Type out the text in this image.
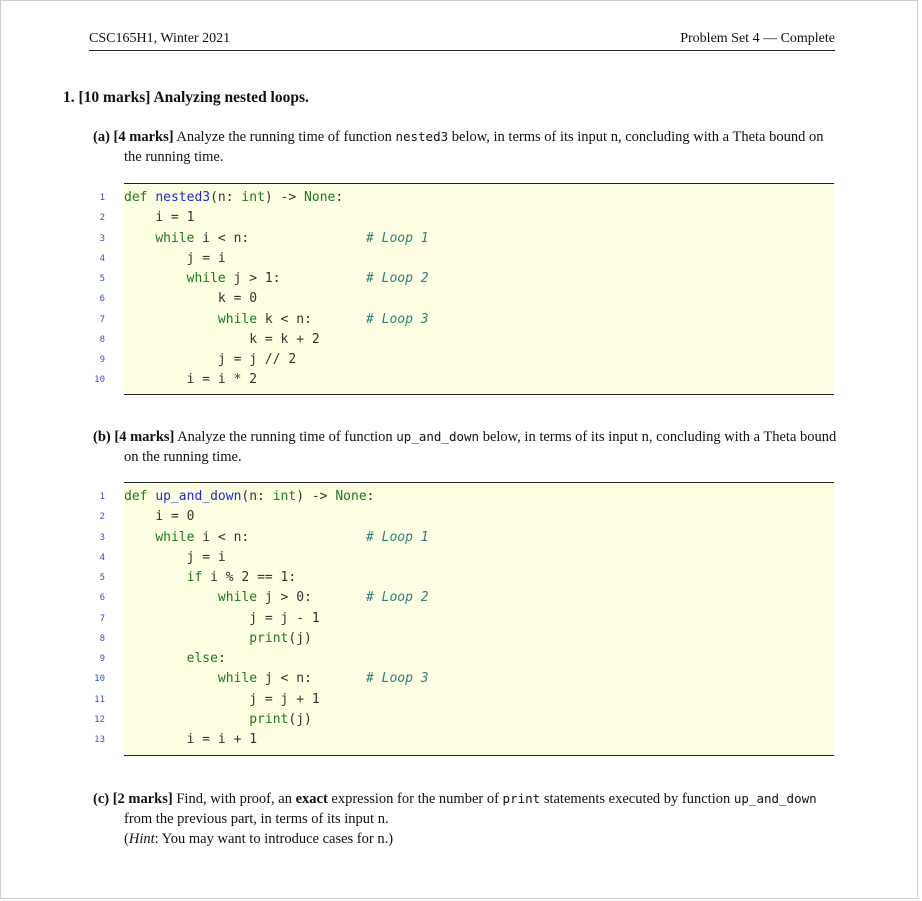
CSC165H1, Winter 2021	Problem Set 4 — Complete
1. [10 marks] Analyzing nested loops.
(a) [4 marks] Analyze the running time of function nested3 below, in terms of its input n, concluding with a Theta bound on the running time.
1 def nested3(n: int) -> None:
2	i = 1
3	while i < n:	# Loop 1
4	j = i
5	while j > 1:	# Loop 2
6	k = 0
7	while k < n:	# Loop 3
8	k = k + 2
9	j = j // 2
10	i = i * 2
(b) [4 marks] Analyze the running time of function up_and_down below, in terms of its input n, concluding with a Theta bound on the running time.
1 def up_and_down(n: int) -> None:
2	i = 0
3	while i < n:	# Loop 1
4	j = i
5	if i % 2 == 1:
6	while j > 0:	# Loop 2
7	j = j - 1
8	print(j)
9	else:
10	while j < n:	# Loop 3
11	j = j + 1
12	print(j)
13	i = i + 1
(c) [2 marks] Find, with proof, an exact expression for the number of print statements executed by function up_and_down from the previous part, in terms of its input n.
(Hint: You may want to introduce cases for n.)
